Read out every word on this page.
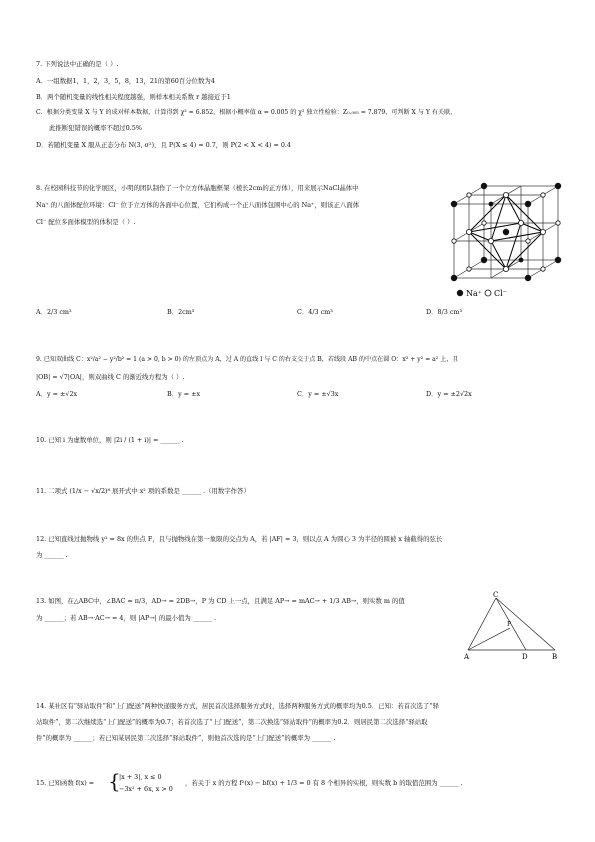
7. 下列说法中正确的是（ ）.
A．一组数据1，1，2，3，5，8，13，21的第60百分位数为4
B．两个随机变量的线性相关程度越强，则样本相关系数 r 越接近于1
C．根据分类变量 X 与 Y 的成对样本数据，计算得到 χ² ≈ 6.852，根据小概率值 α = 0.005 的 χ² 独立性检验：Z₀.₀₀₅ = 7.879，可判断 X 与 Y 有关联，
此推断犯错误的概率不超过0.5%
D．若随机变量 X 服从正态分布 N(3, σ²)，且 P(X ≤ 4) = 0.7，则 P(2 < X < 4) = 0.4
8. 在校园科技节的化学展区，小明的团队制作了一个立方体晶胞框架（棱长2cm的正方体），用来展示NaCl晶体中
Na⁺ 的八面体配位环境：Cl⁻ 位于立方体的各面中心位置，它们构成一个正八面体包围中心的 Na⁺，则该正八面体
Cl⁻ 配位多面体模型的体积是（ ）.
Na⁺ Cl⁻
A．2/3 cm³	B．2cm³	C．4/3 cm³	D．8/3 cm³
9. 已知双曲线 C：x²/a² − y²/b² = 1 (a > 0, b > 0) 的左顶点为 A，过 A 的直线 l 与 C 的右支交于点 B，若线段 AB 的中点在圆 O：x² + y² = a² 上，且
|OB| = √7|OA|，则双曲线 C 的渐近线方程为（ ）.
A．y = ±√2x	B．y = ±x	C．y = ±√3x	D．y = ±2√2x
10. 已知 i 为虚数单位，则 |2i / (1 + i)| = ______ .
11. 二项式 (1/x − √x/2)⁸ 展开式中 x² 项的系数是 ______ .（用数字作答）
12. 已知直线过抛物线 y² = 8x 的焦点 F，且与抛物线在第一象限的交点为 A，若 |AF| = 3，则以点 A 为圆心 3 为半径的圆被 x 轴截得的弦长
为 ______ .
13. 如图，在△ABC中，∠BAC = π/3，AD→ = 2DB→，P 为 CD 上一点，且满足 AP→ = mAC→ + 1/3 AB→，则实数 m 的值
为 ______；若 AB→·AC→ = 4，则 |AP→| 的最小值为 ______ .
C
A	D	B
P
14. 某社区有“驿站取件”和“上门配送”两种快递服务方式，居民首次选择服务方式时，选择两种服务方式的概率均为0.5．已知：若首次选了“驿
站取件”，第二次继续选“上门配送”的概率为0.7；若首次选了“上门配送”，第二次换选“驿站取件”的概率为0.2．则居民第二次选择“驿站取
件”的概率为 ______；若已知某居民第二次选择“驿站取件”，则他首次选的是“上门配送”的概率为 ______ .
15. 已知函数 f(x) = {
|x + 3|, x ≤ 0
−3x² + 6x, x > 0
，若关于 x 的方程 f²(x) − bf(x) + 1/3 = 0 有 8 个相异的实根，则实数 b 的取值范围为 ______ .
